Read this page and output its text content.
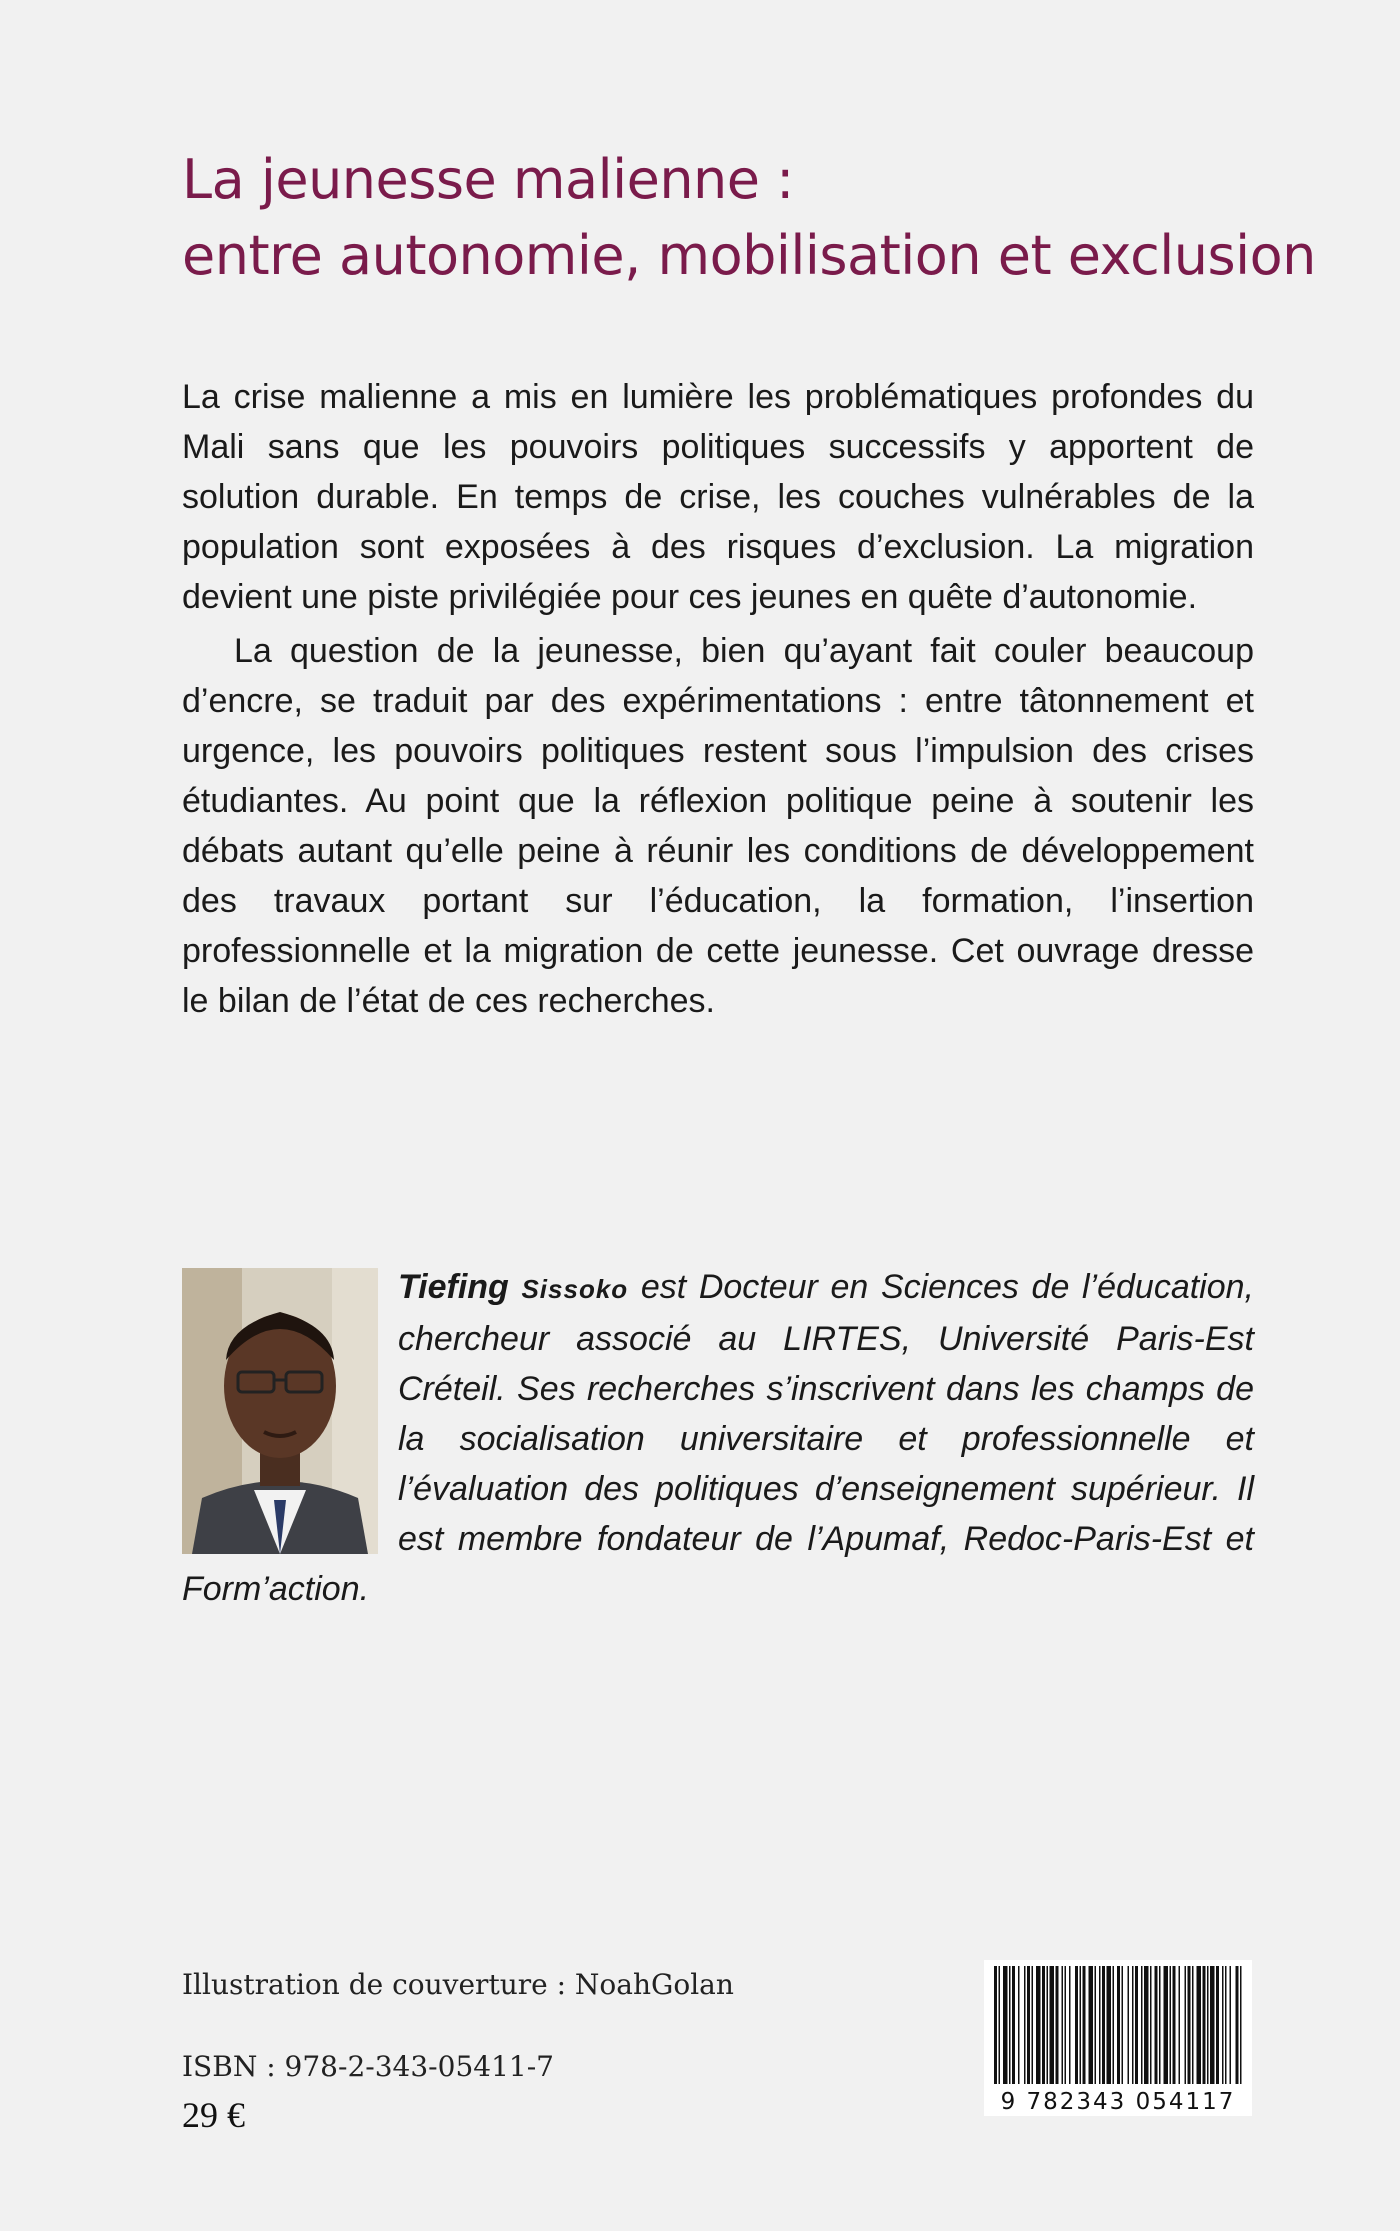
La jeunesse malienne :
entre autonomie, mobilisation et exclusion

La crise malienne a mis en lumière les problématiques profondes du Mali sans que les pouvoirs politiques successifs y apportent de solution durable. En temps de crise, les couches vulnérables de la population sont exposées à des risques d’exclusion. La migration devient une piste privilégiée pour ces jeunes en quête d’autonomie.

La question de la jeunesse, bien qu’ayant fait couler beaucoup d’encre, se traduit par des expérimentations : entre tâtonnement et urgence, les pouvoirs politiques restent sous l’impulsion des crises étudiantes. Au point que la réflexion politique peine à soutenir les débats autant qu’elle peine à réunir les conditions de développement des travaux portant sur l’éducation, la formation, l’insertion professionnelle et la migration de cette jeunesse. Cet ouvrage dresse le bilan de l’état de ces recherches.

Tiefing Sissoko est Docteur en Sciences de l’éducation, chercheur associé au LIRTES, Université Paris-Est Créteil. Ses recherches s’inscrivent dans les champs de la socialisation universitaire et professionnelle et l’évaluation des politiques d’enseignement supérieur. Il est membre fondateur de l’Apumaf, Redoc-Paris-Est et Form’action.
Illustration de couverture : NoahGolan
ISBN : 978-2-343-05411-7
29 €	9 782343 054117
